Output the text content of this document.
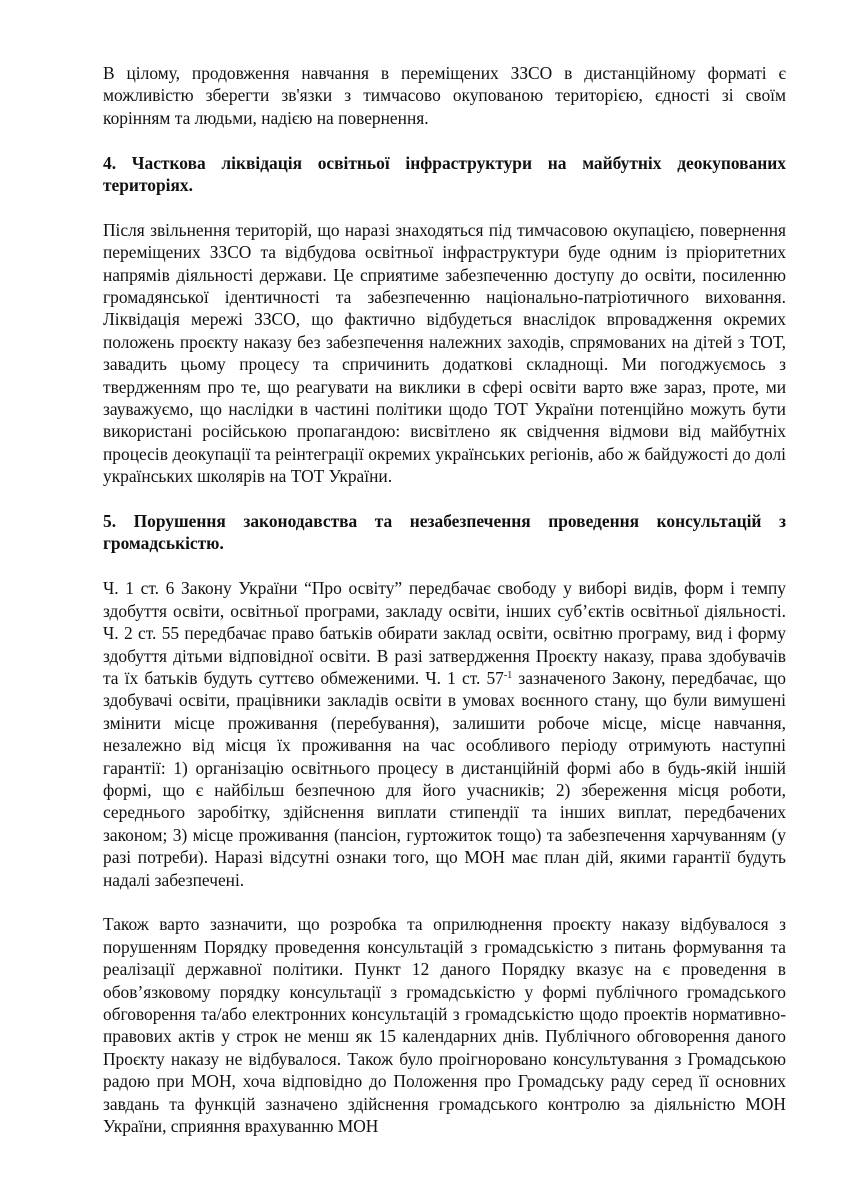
В цілому, продовження навчання в переміщених ЗЗСО в дистанційному форматі є можливістю зберегти зв'язки з тимчасово окупованою територією, єдності зі своїм корінням та людьми, надією на повернення.

4. Часткова ліквідація освітньої інфраструктури на майбутніх деокупованих територіях.

Після звільнення територій, що наразі знаходяться під тимчасовою окупацією, повернення переміщених ЗЗСО та відбудова освітньої інфраструктури буде одним із пріоритетних напрямів діяльності держави. Це сприятиме забезпеченню доступу до освіти, посиленню громадянської ідентичності та забезпеченню національно-патріотичного виховання. Ліквідація мережі ЗЗСО, що фактично відбудеться внаслідок впровадження окремих положень проєкту наказу без забезпечення належних заходів, спрямованих на дітей з ТОТ, завадить цьому процесу та спричинить додаткові складнощі. Ми погоджуємось з твердженням про те, що реагувати на виклики в сфері освіти варто вже зараз, проте, ми зауважуємо, що наслідки в частині політики щодо ТОТ України потенційно можуть бути використані російською пропагандою: висвітлено як свідчення відмови від майбутніх процесів деокупації та реінтеграції окремих українських регіонів, або ж байдужості до долі українських школярів на ТОТ України.

5. Порушення законодавства та незабезпечення проведення консультацій з громадськістю.

Ч. 1 ст. 6 Закону України “Про освіту” передбачає свободу у виборі видів, форм і темпу здобуття освіти, освітньої програми, закладу освіти, інших суб’єктів освітньої діяльності. Ч. 2 ст. 55 передбачає право батьків обирати заклад освіти, освітню програму, вид і форму здобуття дітьми відповідної освіти. В разі затвердження Проєкту наказу, права здобувачів та їх батьків будуть суттєво обмеженими. Ч. 1 ст. $57^{-1}$ зазначеного Закону, передбачає, що здобувачі освіти, працівники закладів освіти в умовах воєнного стану, що були вимушені змінити місце проживання (перебування), залишити робоче місце, місце навчання, незалежно від місця їх проживання на час особливого періоду отримують наступні гарантії: 1) організацію освітнього процесу в дистанційній формі або в будь-якій іншій формі, що є найбільш безпечною для його учасників; 2) збереження місця роботи, середнього заробітку, здійснення виплати стипендії та інших виплат, передбачених законом; 3) місце проживання (пансіон, гуртожиток тощо) та забезпечення харчуванням (у разі потреби). Наразі відсутні ознаки того, що МОН має план дій, якими гарантії будуть надалі забезпечені.

Також варто зазначити, що розробка та оприлюднення проєкту наказу відбувалося з порушенням Порядку проведення консультацій з громадськістю з питань формування та реалізації державної політики. Пункт 12 даного Порядку вказує на є проведення в обов’язковому порядку консультації з громадськістю у формі публічного громадського обговорення та/або електронних консультацій з громадськістю щодо проектів нормативно-правових актів у строк не менш як 15 календарних днів. Публічного обговорення даного Проєкту наказу не відбувалося. Також було проігноровано консультування з Громадською радою при МОН, хоча відповідно до Положення про Громадську раду серед її основних завдань та функцій зазначено здійснення громадського контролю за діяльністю МОН України, сприяння врахуванню МОН
